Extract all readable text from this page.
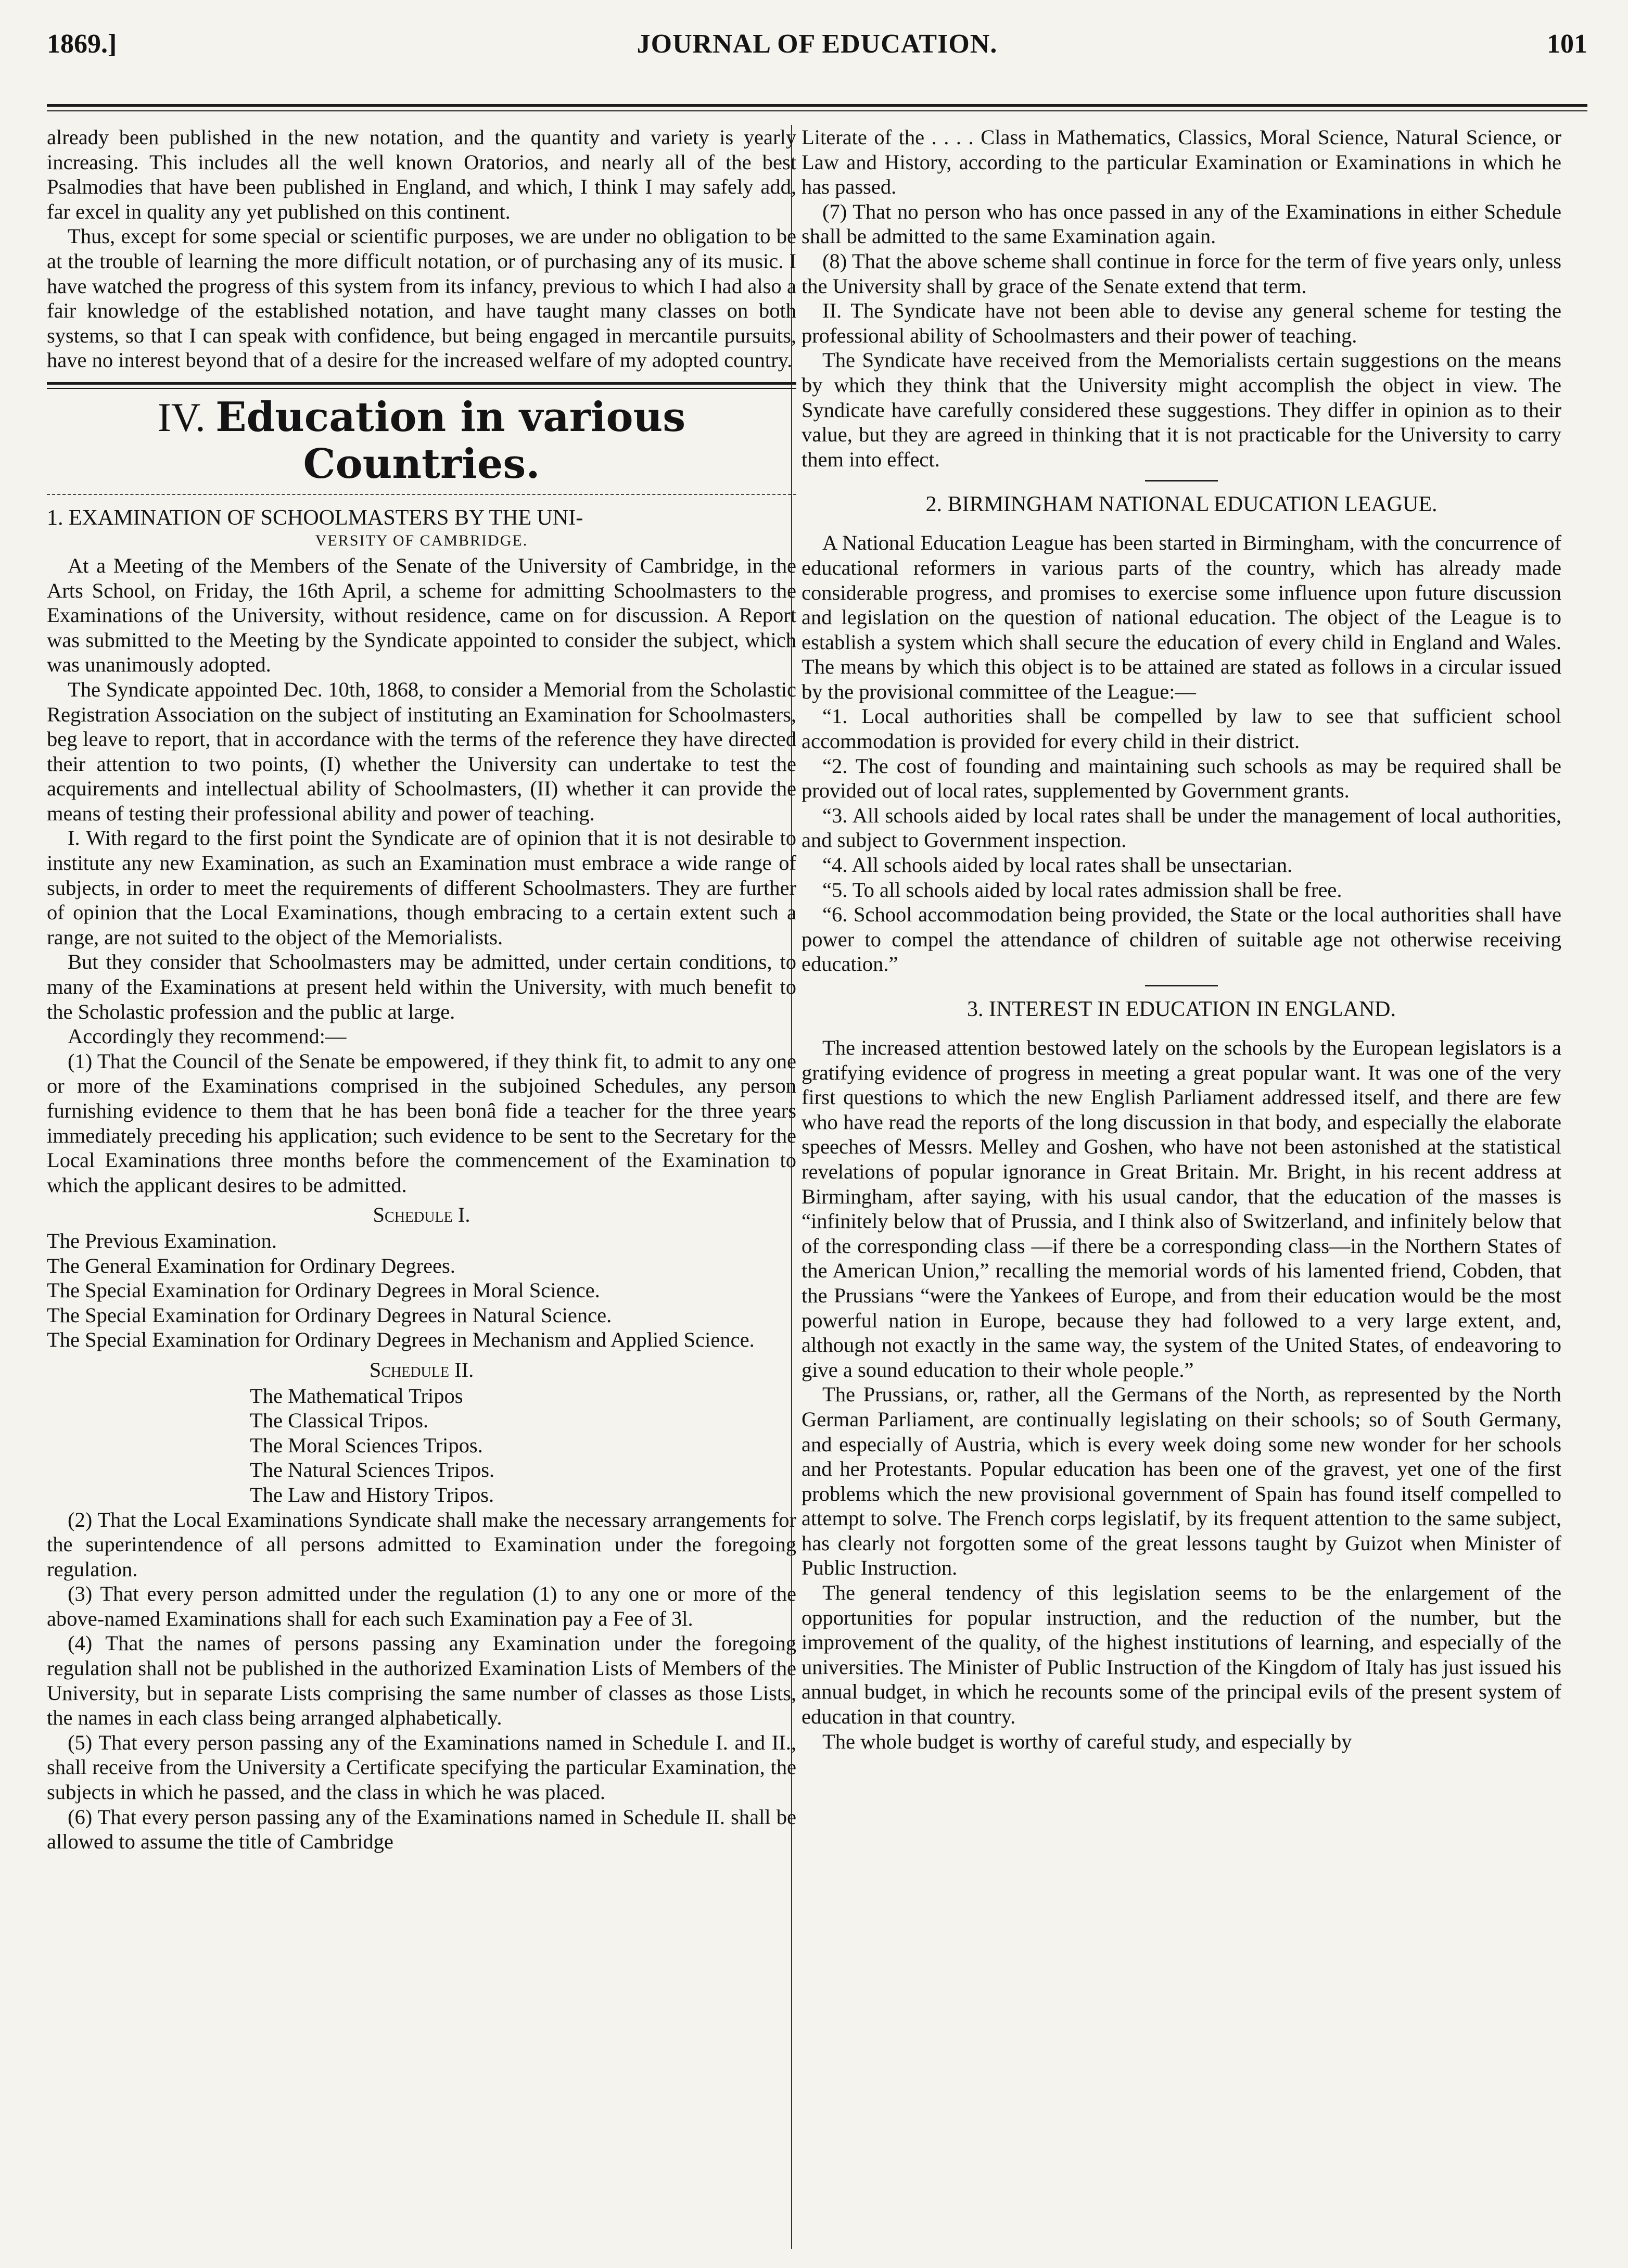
JOURNAL OF EDUCATION.
1869.]	101

already been published in the new notation, and the quantity and variety is yearly increasing. This includes all the well known Oratorios, and nearly all of the best Psalmodies that have been published in England, and which, I think I may safely add, far excel in quality any yet published on this continent.

Thus, except for some special or scientific purposes, we are under no obligation to be at the trouble of learning the more difficult notation, or of purchasing any of its music. I have watched the progress of this system from its infancy, previous to which I had also a fair knowledge of the established notation, and have taught many classes on both systems, so that I can speak with confidence, but being engaged in mercantile pursuits, have no interest beyond that of a desire for the increased welfare of my adopted country.

IV. Education in various Countries.
1. EXAMINATION OF SCHOOLMASTERS BY THE UNI-
VERSITY OF CAMBRIDGE.

At a Meeting of the Members of the Senate of the University of Cambridge, in the Arts School, on Friday, the 16th April, a scheme for admitting Schoolmasters to the Examinations of the University, without residence, came on for discussion. A Report was submitted to the Meeting by the Syndicate appointed to consider the subject, which was unanimously adopted.

The Syndicate appointed Dec. 10th, 1868, to consider a Memorial from the Scholastic Registration Association on the subject of instituting an Examination for Schoolmasters, beg leave to report, that in accordance with the terms of the reference they have directed their attention to two points, (I) whether the University can undertake to test the acquirements and intellectual ability of Schoolmasters, (II) whether it can provide the means of testing their professional ability and power of teaching.

I. With regard to the first point the Syndicate are of opinion that it is not desirable to institute any new Examination, as such an Examination must embrace a wide range of subjects, in order to meet the requirements of different Schoolmasters. They are further of opinion that the Local Examinations, though embracing to a certain extent such a range, are not suited to the object of the Memorialists.

But they consider that Schoolmasters may be admitted, under certain conditions, to many of the Examinations at present held within the University, with much benefit to the Scholastic profession and the public at large.

Accordingly they recommend:—

(1) That the Council of the Senate be empowered, if they think fit, to admit to any one or more of the Examinations comprised in the subjoined Schedules, any person furnishing evidence to them that he has been bonâ fide a teacher for the three years immediately preceding his application; such evidence to be sent to the Secretary for the Local Examinations three months before the commencement of the Examination to which the applicant desires to be admitted.

Schedule I.

The Previous Examination.

The General Examination for Ordinary Degrees.

The Special Examination for Ordinary Degrees in Moral Science.

The Special Examination for Ordinary Degrees in Natural Science.

The Special Examination for Ordinary Degrees in Mechanism and Applied Science.

Schedule II.

The Mathematical Tripos

The Classical Tripos.

The Moral Sciences Tripos.

The Natural Sciences Tripos.

The Law and History Tripos.

(2) That the Local Examinations Syndicate shall make the necessary arrangements for the superintendence of all persons admitted to Examination under the foregoing regulation.

(3) That every person admitted under the regulation (1) to any one or more of the above-named Examinations shall for each such Examination pay a Fee of 3l.

(4) That the names of persons passing any Examination under the foregoing regulation shall not be published in the authorized Examination Lists of Members of the University, but in separate Lists comprising the same number of classes as those Lists, the names in each class being arranged alphabetically.

(5) That every person passing any of the Examinations named in Schedule I. and II., shall receive from the University a Certificate specifying the particular Examination, the subjects in which he passed, and the class in which he was placed.

(6) That every person passing any of the Examinations named in Schedule II. shall be allowed to assume the title of Cambridge

Literate of the . . . . Class in Mathematics, Classics, Moral Science, Natural Science, or Law and History, according to the particular Examination or Examinations in which he has passed.

(7) That no person who has once passed in any of the Examinations in either Schedule shall be admitted to the same Examination again.

(8) That the above scheme shall continue in force for the term of five years only, unless the University shall by grace of the Senate extend that term.

II. The Syndicate have not been able to devise any general scheme for testing the professional ability of Schoolmasters and their power of teaching.

The Syndicate have received from the Memorialists certain suggestions on the means by which they think that the University might accomplish the object in view. The Syndicate have carefully considered these suggestions. They differ in opinion as to their value, but they are agreed in thinking that it is not practicable for the University to carry them into effect.

2. BIRMINGHAM NATIONAL EDUCATION LEAGUE.

A National Education League has been started in Birmingham, with the concurrence of educational reformers in various parts of the country, which has already made considerable progress, and promises to exercise some influence upon future discussion and legislation on the question of national education. The object of the League is to establish a system which shall secure the education of every child in England and Wales. The means by which this object is to be attained are stated as follows in a circular issued by the provisional committee of the League:—

“1. Local authorities shall be compelled by law to see that sufficient school accommodation is provided for every child in their district.

“2. The cost of founding and maintaining such schools as may be required shall be provided out of local rates, supplemented by Government grants.

“3. All schools aided by local rates shall be under the management of local authorities, and subject to Government inspection.

“4. All schools aided by local rates shall be unsectarian.

“5. To all schools aided by local rates admission shall be free.

“6. School accommodation being provided, the State or the local authorities shall have power to compel the attendance of children of suitable age not otherwise receiving education.”

3. INTEREST IN EDUCATION IN ENGLAND.

The increased attention bestowed lately on the schools by the European legislators is a gratifying evidence of progress in meeting a great popular want. It was one of the very first questions to which the new English Parliament addressed itself, and there are few who have read the reports of the long discussion in that body, and especially the elaborate speeches of Messrs. Melley and Goshen, who have not been astonished at the statistical revelations of popular ignorance in Great Britain. Mr. Bright, in his recent address at Birmingham, after saying, with his usual candor, that the education of the masses is “infinitely below that of Prussia, and I think also of Switzerland, and infinitely below that of the corresponding class —if there be a corresponding class—in the Northern States of the American Union,” recalling the memorial words of his lamented friend, Cobden, that the Prussians “were the Yankees of Europe, and from their education would be the most powerful nation in Europe, because they had followed to a very large extent, and, although not exactly in the same way, the system of the United States, of endeavoring to give a sound education to their whole people.”

The Prussians, or, rather, all the Germans of the North, as represented by the North German Parliament, are continually legislating on their schools; so of South Germany, and especially of Austria, which is every week doing some new wonder for her schools and her Protestants. Popular education has been one of the gravest, yet one of the first problems which the new provisional government of Spain has found itself compelled to attempt to solve. The French corps legislatif, by its frequent attention to the same subject, has clearly not forgotten some of the great lessons taught by Guizot when Minister of Public Instruction.

The general tendency of this legislation seems to be the enlargement of the opportunities for popular instruction, and the reduction of the number, but the improvement of the quality, of the highest institutions of learning, and especially of the universities. The Minister of Public Instruction of the Kingdom of Italy has just issued his annual budget, in which he recounts some of the principal evils of the present system of education in that country.

The whole budget is worthy of careful study, and especially by
